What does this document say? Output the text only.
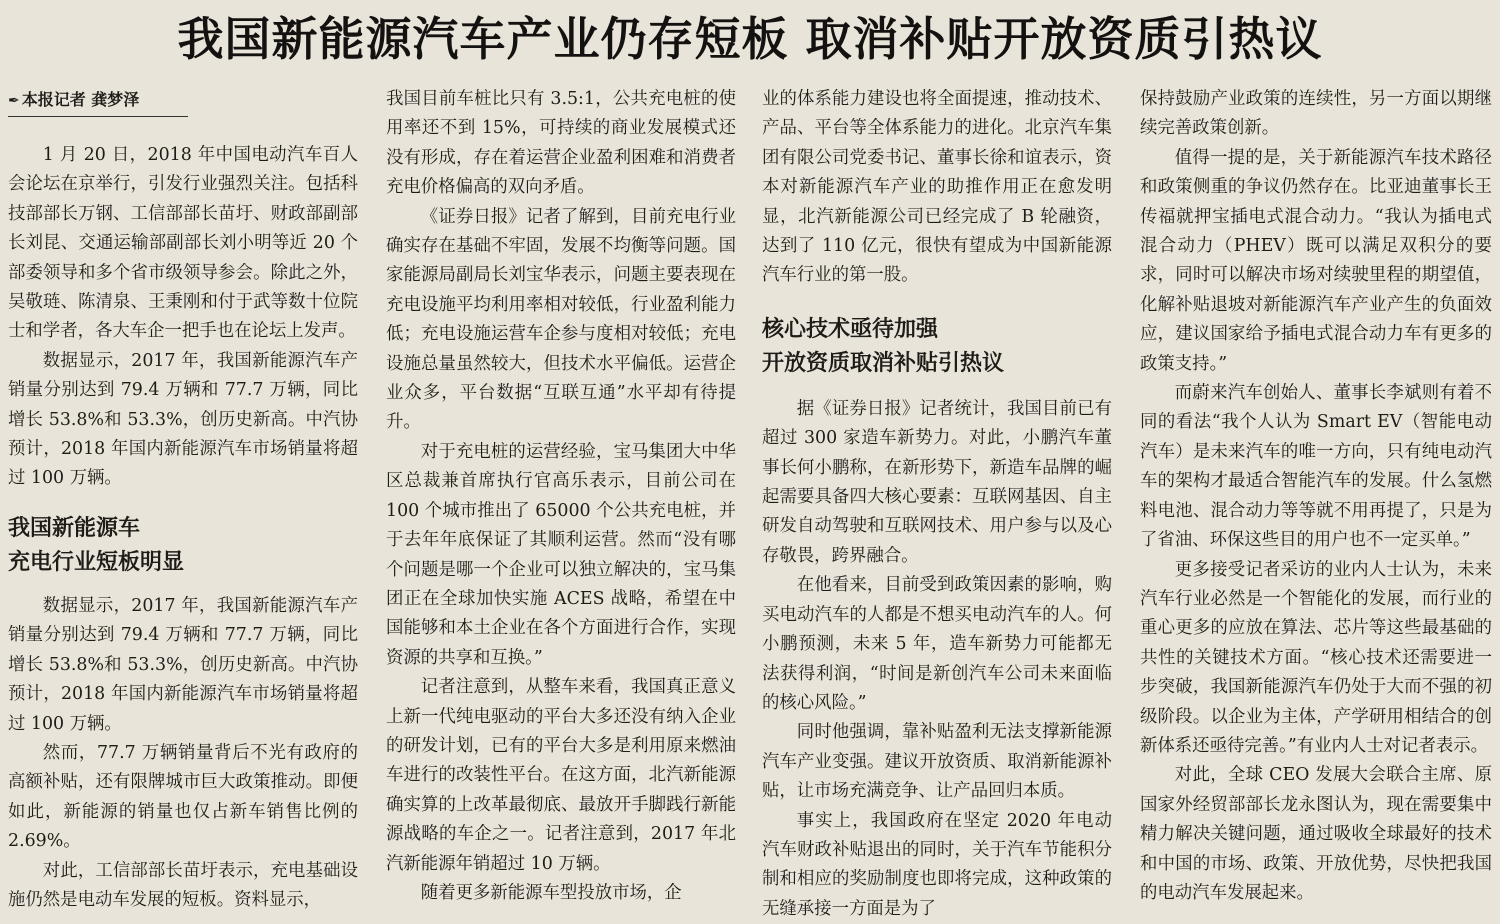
我国新能源汽车产业仍存短板 取消补贴开放资质引热议
✒ 本报记者 龚梦泽

1 月 20 日，2018 年中国电动汽车百人会论坛在京举行，引发行业强烈关注。包括科技部部长万钢、工信部部长苗圩、财政部副部长刘昆、交通运输部副部长刘小明等近 20 个部委领导和多个省市级领导参会。除此之外，吴敬琏、陈清泉、王秉刚和付于武等数十位院士和学者，各大车企一把手也在论坛上发声。

数据显示，2017 年，我国新能源汽车产销量分别达到 79.4 万辆和 77.7 万辆，同比增长 53.8%和 53.3%，创历史新高。中汽协预计，2018 年国内新能源汽车市场销量将超过 100 万辆。

我国新能源车
充电行业短板明显

数据显示，2017 年，我国新能源汽车产销量分别达到 79.4 万辆和 77.7 万辆，同比增长 53.8%和 53.3%，创历史新高。中汽协预计，2018 年国内新能源汽车市场销量将超过 100 万辆。

然而，77.7 万辆销量背后不光有政府的高额补贴，还有限牌城市巨大政策推动。即便如此，新能源的销量也仅占新车销售比例的 2.69%。

对此，工信部部长苗圩表示，充电基础设施仍然是电动车发展的短板。资料显示，

我国目前车桩比只有 3.5:1，公共充电桩的使用率还不到 15%，可持续的商业发展模式还没有形成，存在着运营企业盈利困难和消费者充电价格偏高的双向矛盾。

《证券日报》记者了解到，目前充电行业确实存在基础不牢固，发展不均衡等问题。国家能源局副局长刘宝华表示，问题主要表现在充电设施平均利用率相对较低，行业盈利能力低；充电设施运营车企参与度相对较低；充电设施总量虽然较大，但技术水平偏低。运营企业众多，平台数据“互联互通”水平却有待提升。

对于充电桩的运营经验，宝马集团大中华区总裁兼首席执行官高乐表示，目前公司在 100 个城市推出了 65000 个公共充电桩，并于去年年底保证了其顺利运营。然而“没有哪个问题是哪一个企业可以独立解决的，宝马集团正在全球加快实施 ACES 战略，希望在中国能够和本土企业在各个方面进行合作，实现资源的共享和互换。”

记者注意到，从整车来看，我国真正意义上新一代纯电驱动的平台大多还没有纳入企业的研发计划，已有的平台大多是利用原来燃油车进行的改装性平台。在这方面，北汽新能源确实算的上改革最彻底、最放开手脚践行新能源战略的车企之一。记者注意到，2017 年北汽新能源年销超过 10 万辆。

随着更多新能源车型投放市场，企

业的体系能力建设也将全面提速，推动技术、产品、平台等全体系能力的进化。北京汽车集团有限公司党委书记、董事长徐和谊表示，资本对新能源汽车产业的助推作用正在愈发明显，北汽新能源公司已经完成了 B 轮融资，达到了 110 亿元，很快有望成为中国新能源汽车行业的第一股。

核心技术亟待加强
开放资质取消补贴引热议

据《证券日报》记者统计，我国目前已有超过 300 家造车新势力。对此，小鹏汽车董事长何小鹏称，在新形势下，新造车品牌的崛起需要具备四大核心要素：互联网基因、自主研发自动驾驶和互联网技术、用户参与以及心存敬畏，跨界融合。

在他看来，目前受到政策因素的影响，购买电动汽车的人都是不想买电动汽车的人。何小鹏预测，未来 5 年，造车新势力可能都无法获得利润，“时间是新创汽车公司未来面临的核心风险。”

同时他强调，靠补贴盈利无法支撑新能源汽车产业变强。建议开放资质、取消新能源补贴，让市场充满竞争、让产品回归本质。

事实上，我国政府在坚定 2020 年电动汽车财政补贴退出的同时，关于汽车节能积分制和相应的奖励制度也即将完成，这种政策的无缝承接一方面是为了

保持鼓励产业政策的连续性，另一方面以期继续完善政策创新。

值得一提的是，关于新能源汽车技术路径和政策侧重的争议仍然存在。比亚迪董事长王传福就押宝插电式混合动力。“我认为插电式混合动力（PHEV）既可以满足双积分的要求，同时可以解决市场对续驶里程的期望值，化解补贴退坡对新能源汽车产业产生的负面效应，建议国家给予插电式混合动力车有更多的政策支持。”

而蔚来汽车创始人、董事长李斌则有着不同的看法“我个人认为 Smart EV（智能电动汽车）是未来汽车的唯一方向，只有纯电动汽车的架构才最适合智能汽车的发展。什么氢燃料电池、混合动力等等就不用再提了，只是为了省油、环保这些目的用户也不一定买单。”

更多接受记者采访的业内人士认为，未来汽车行业必然是一个智能化的发展，而行业的重心更多的应放在算法、芯片等这些最基础的共性的关键技术方面。“核心技术还需要进一步突破，我国新能源汽车仍处于大而不强的初级阶段。以企业为主体，产学研用相结合的创新体系还亟待完善。”有业内人士对记者表示。

对此，全球 CEO 发展大会联合主席、原国家外经贸部部长龙永图认为，现在需要集中精力解决关键问题，通过吸收全球最好的技术和中国的市场、政策、开放优势，尽快把我国的电动汽车发展起来。
